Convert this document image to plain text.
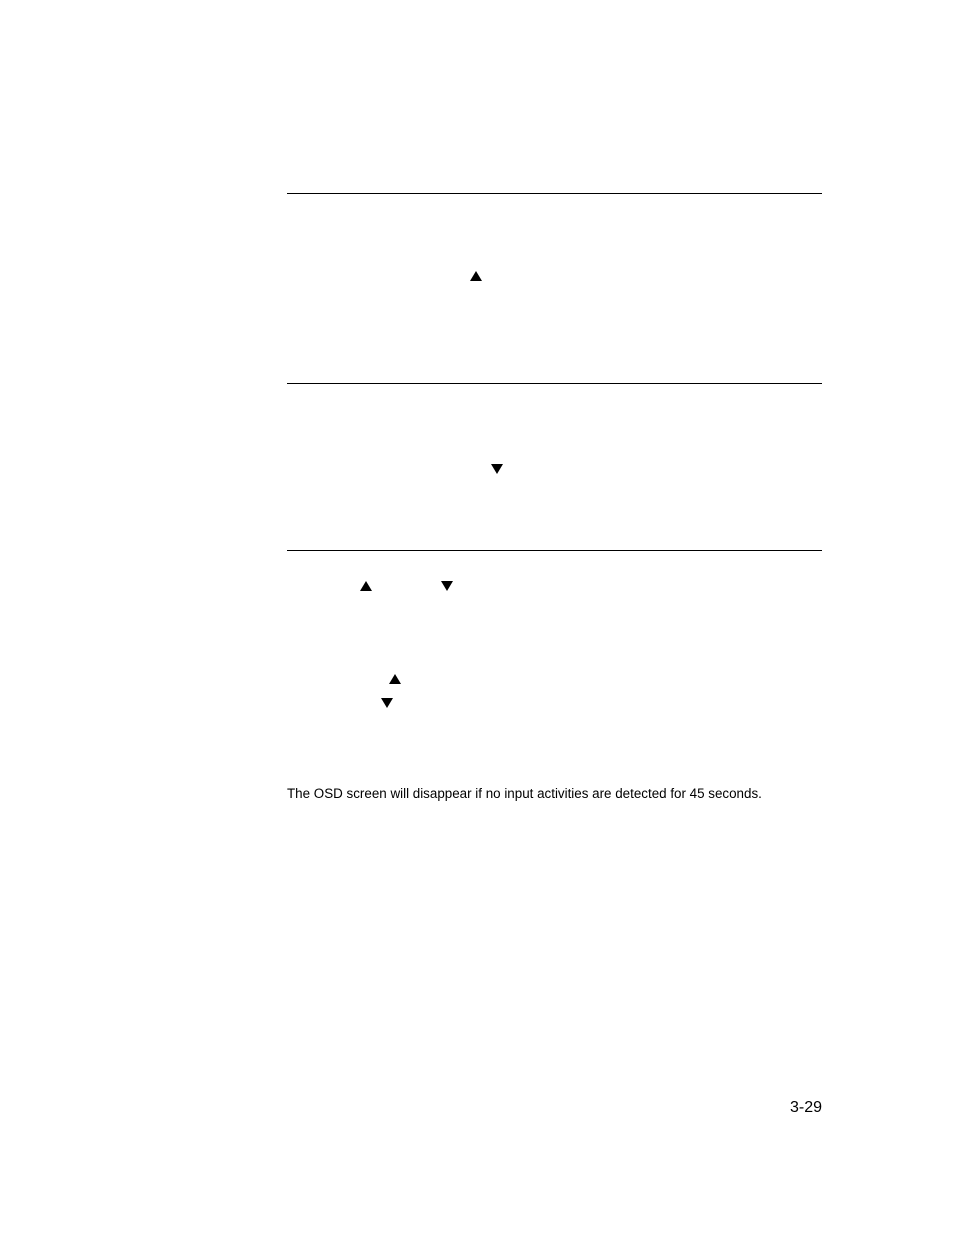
The OSD screen will disappear if no input activities are detected for 45 seconds.
3-29
